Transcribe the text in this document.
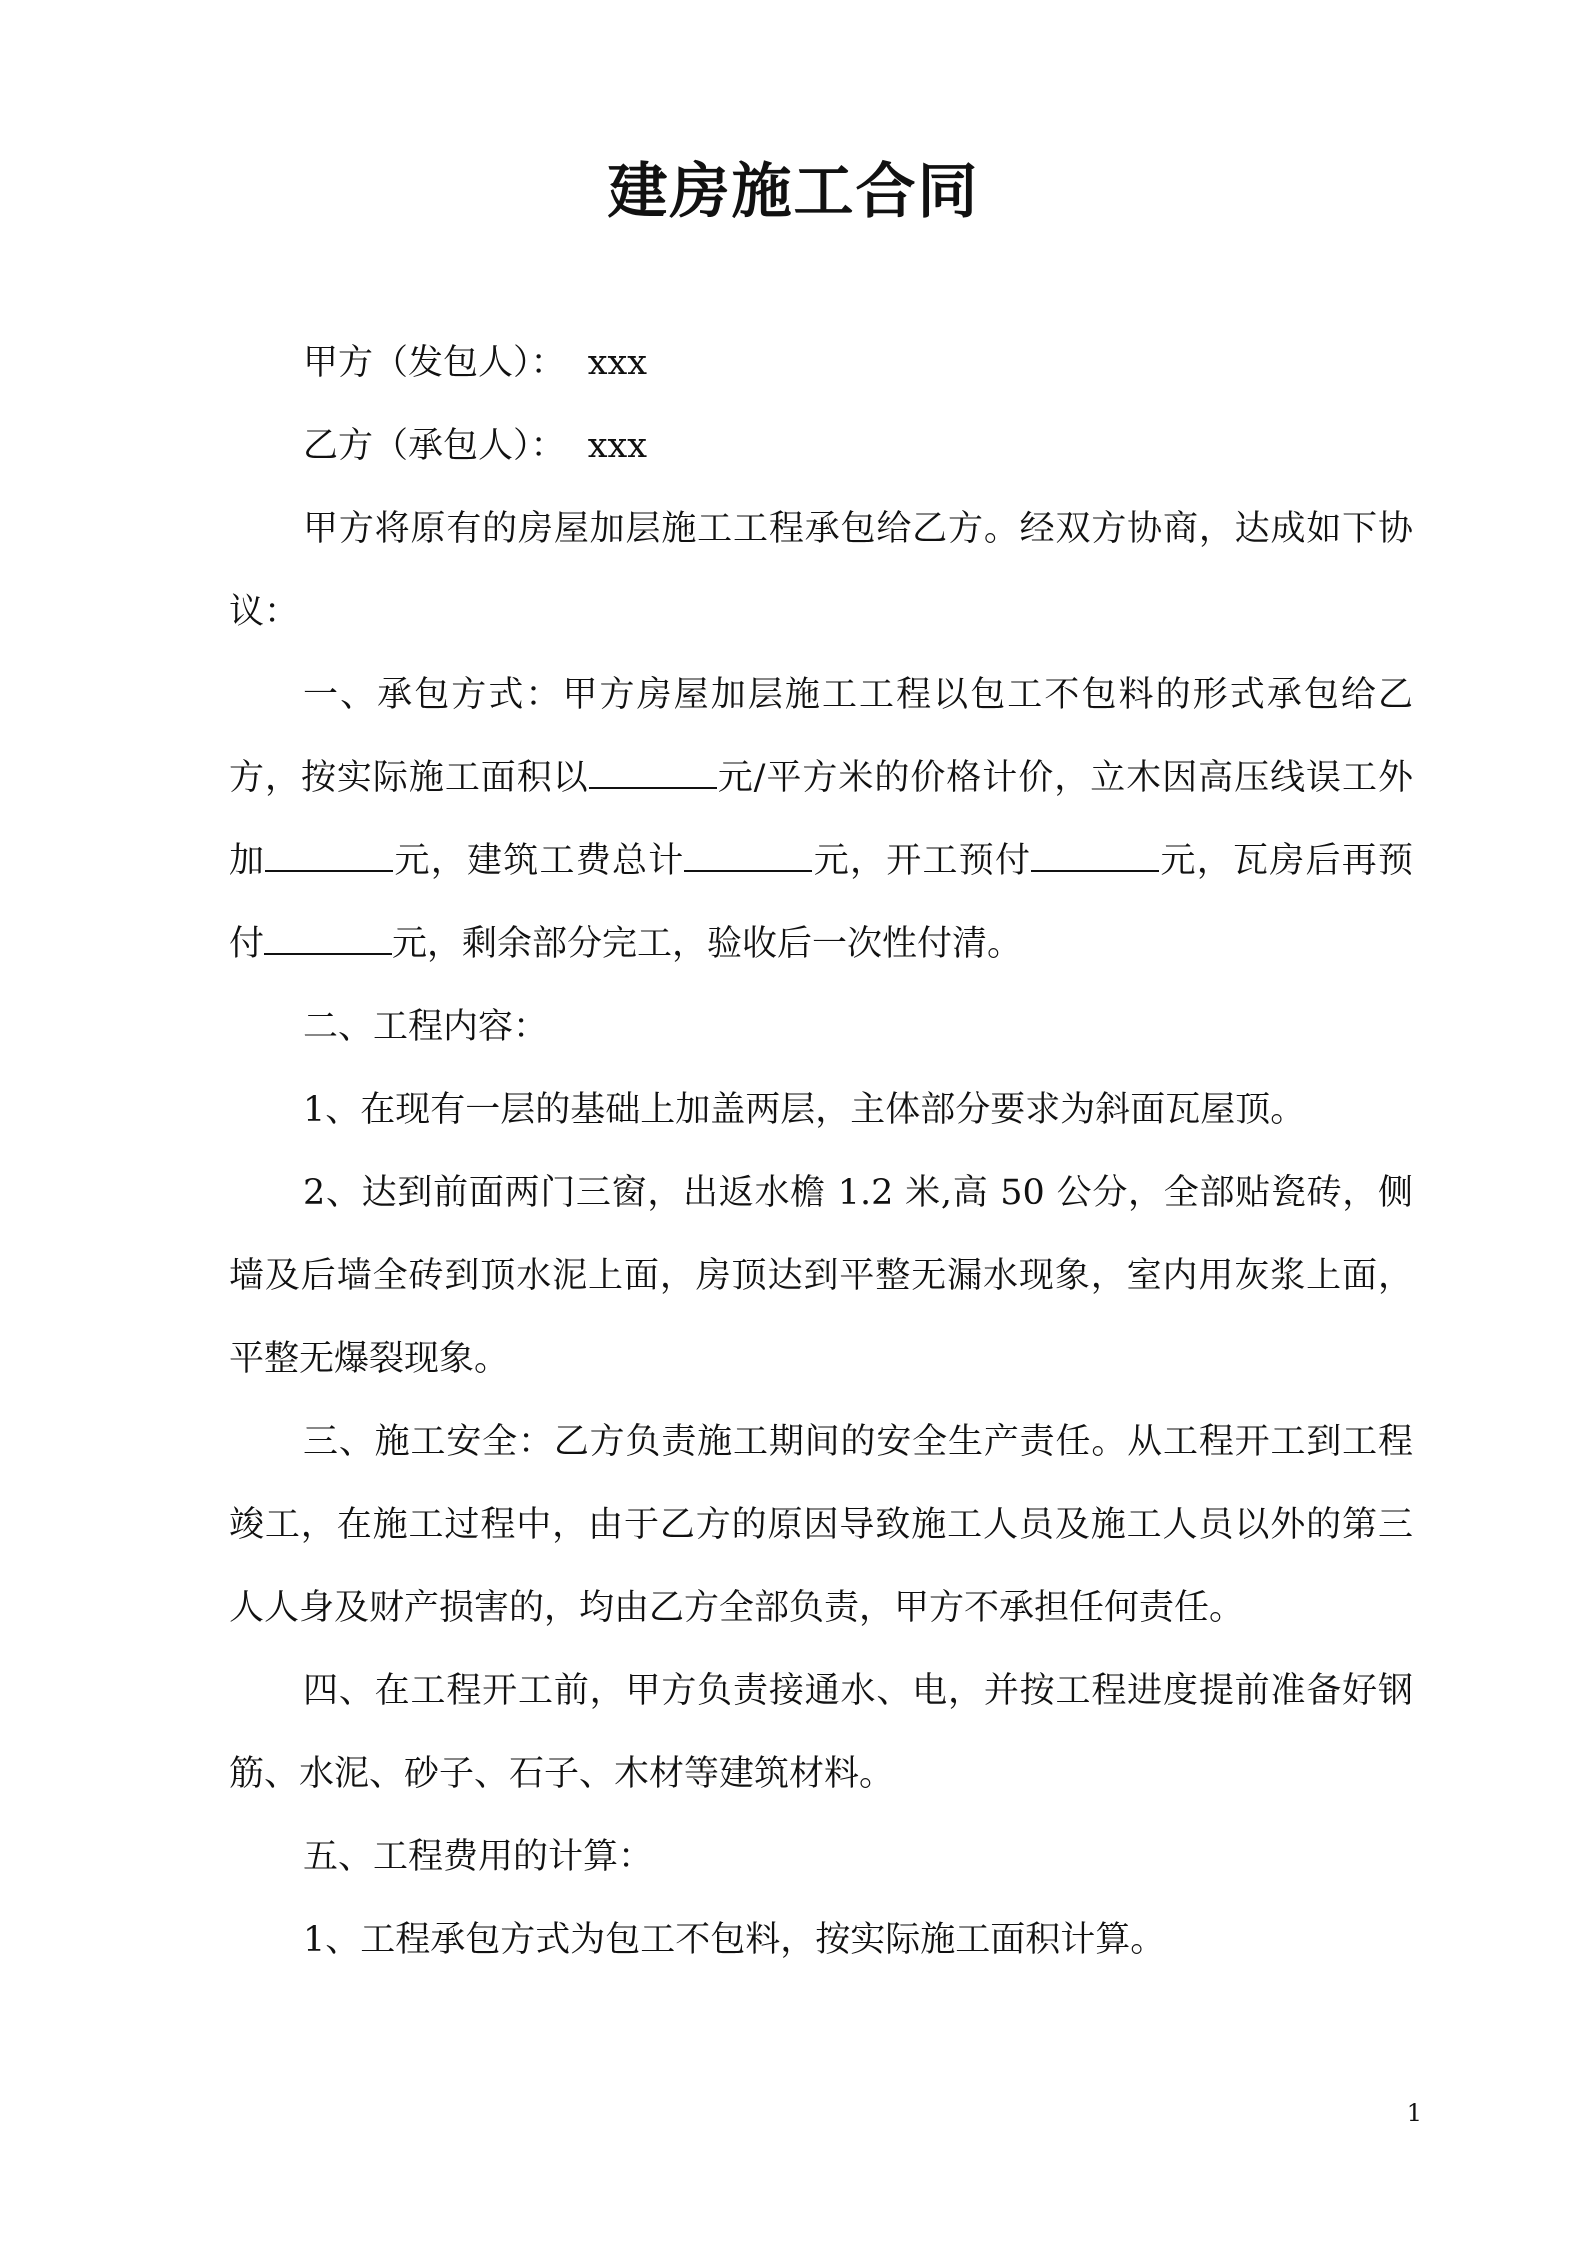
建房施工合同

甲方（发包人）： xxx

乙方（承包人）： xxx

甲方将原有的房屋加层施工工程承包给乙方。经双方协商，达成如下协议：

一、承包方式：甲方房屋加层施工工程以包工不包料的形式承包给乙方，按实际施工面积以	元/平方米的价格计价，立木因高压线误工外加	元，建筑工费总计	元，开工预付	元，瓦房后再预付	元，剩余部分完工，验收后一次性付清。

二、工程内容：

1、在现有一层的基础上加盖两层，主体部分要求为斜面瓦屋顶。

2、达到前面两门三窗，出返水檐 1.2 米,高 50 公分，全部贴瓷砖，侧墙及后墙全砖到顶水泥上面，房顶达到平整无漏水现象，室内用灰浆上面，平整无爆裂现象。

三、施工安全：乙方负责施工期间的安全生产责任。从工程开工到工程竣工，在施工过程中，由于乙方的原因导致施工人员及施工人员以外的第三人人身及财产损害的，均由乙方全部负责，甲方不承担任何责任。

四、在工程开工前，甲方负责接通水、电，并按工程进度提前准备好钢筋、水泥、砂子、石子、木材等建筑材料。

五、工程费用的计算：

1、工程承包方式为包工不包料，按实际施工面积计算。

1
